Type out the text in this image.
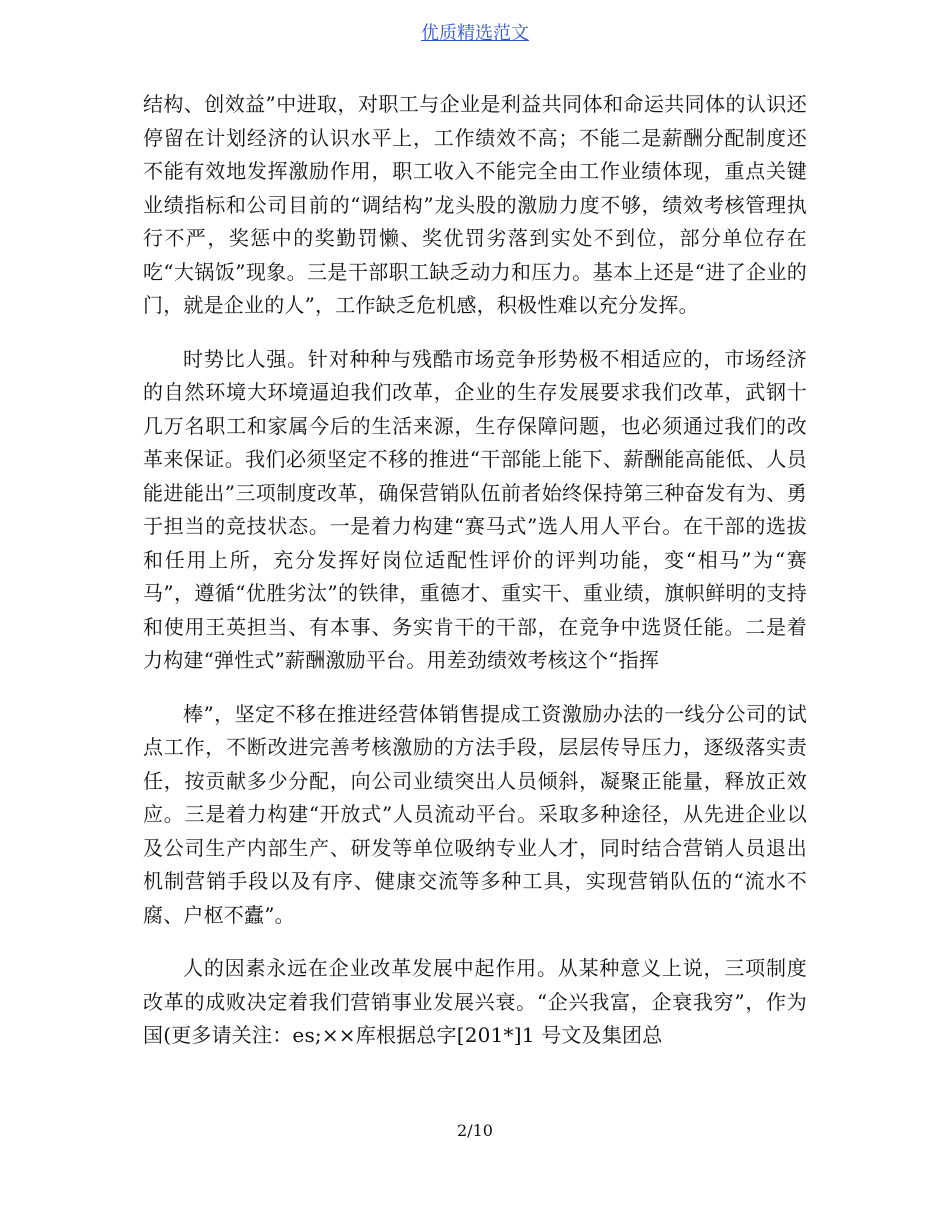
优质精选范文

结构、创效益”中进取，对职工与企业是利益共同体和命运共同体的认识还停留在计划经济的认识水平上，工作绩效不高；不能二是薪酬分配制度还不能有效地发挥激励作用，职工收入不能完全由工作业绩体现，重点关键业绩指标和公司目前的“调结构”龙头股的激励力度不够，绩效考核管理执行不严，奖惩中的奖勤罚懒、奖优罚劣落到实处不到位，部分单位存在吃“大锅饭”现象。三是干部职工缺乏动力和压力。基本上还是“进了企业的门，就是企业的人”，工作缺乏危机感，积极性难以充分发挥。

时势比人强。针对种种与残酷市场竞争形势极不相适应的，市场经济的自然环境大环境逼迫我们改革，企业的生存发展要求我们改革，武钢十几万名职工和家属今后的生活来源，生存保障问题，也必须通过我们的改革来保证。我们必须坚定不移的推进“干部能上能下、薪酬能高能低、人员能进能出”三项制度改革，确保营销队伍前者始终保持第三种奋发有为、勇于担当的竞技状态。一是着力构建“赛马式”选人用人平台。在干部的选拔和任用上所，充分发挥好岗位适配性评价的评判功能，变“相马”为“赛马”，遵循“优胜劣汰”的铁律，重德才、重实干、重业绩，旗帜鲜明的支持和使用王英担当、有本事、务实肯干的干部，在竞争中选贤任能。二是着力构建“弹性式”薪酬激励平台。用差劲绩效考核这个“指挥

棒”，坚定不移在推进经营体销售提成工资激励办法的一线分公司的试点工作，不断改进完善考核激励的方法手段，层层传导压力，逐级落实责任，按贡献多少分配，向公司业绩突出人员倾斜，凝聚正能量，释放正效应。三是着力构建“开放式”人员流动平台。采取多种途径，从先进企业以及公司生产内部生产、研发等单位吸纳专业人才，同时结合营销人员退出机制营销手段以及有序、健康交流等多种工具，实现营销队伍的“流水不腐、户枢不蠹”。

人的因素永远在企业改革发展中起作用。从某种意义上说，三项制度改革的成败决定着我们营销事业发展兴衰。“企兴我富，企衰我穷”，作为国(更多请关注：es;××库根据总字[201*]1 号文及集团总

2/10
